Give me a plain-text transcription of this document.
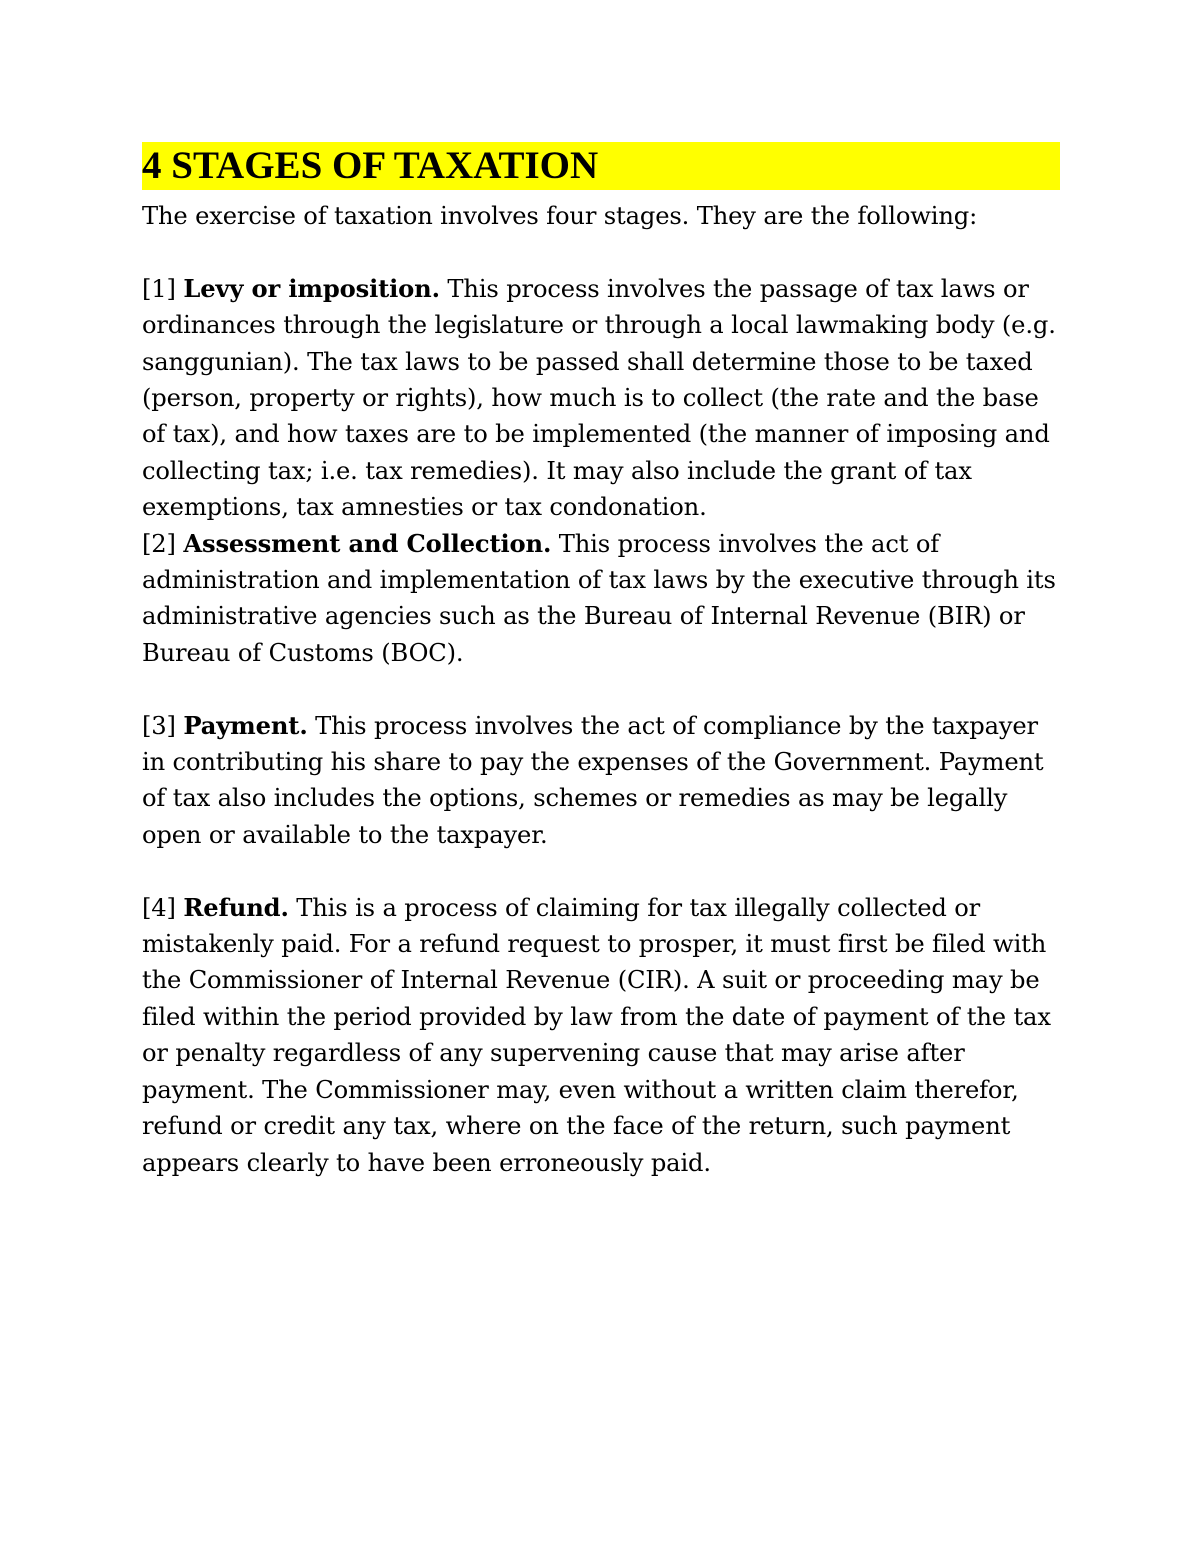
4 STAGES OF TAXATION

The exercise of taxation involves four stages. They are the following:

[1] Levy or imposition. This process involves the passage of tax laws or ordinances through the legislature or through a local lawmaking body (e.g. sanggunian). The tax laws to be passed shall determine those to be taxed (person, property or rights), how much is to collect (the rate and the base of tax), and how taxes are to be implemented (the manner of imposing and collecting tax; i.e. tax remedies). It may also include the grant of tax exemptions, tax amnesties or tax condonation.

[2] Assessment and Collection. This process involves the act of administration and implementation of tax laws by the executive through its administrative agencies such as the Bureau of Internal Revenue (BIR) or Bureau of Customs (BOC).

[3] Payment. This process involves the act of compliance by the taxpayer in contributing his share to pay the expenses of the Government. Payment of tax also includes the options, schemes or remedies as may be legally open or available to the taxpayer.

[4] Refund. This is a process of claiming for tax illegally collected or mistakenly paid. For a refund request to prosper, it must first be filed with the Commissioner of Internal Revenue (CIR). A suit or proceeding may be filed within the period provided by law from the date of payment of the tax or penalty regardless of any supervening cause that may arise after payment. The Commissioner may, even without a written claim therefor, refund or credit any tax, where on the face of the return, such payment appears clearly to have been erroneously paid.
